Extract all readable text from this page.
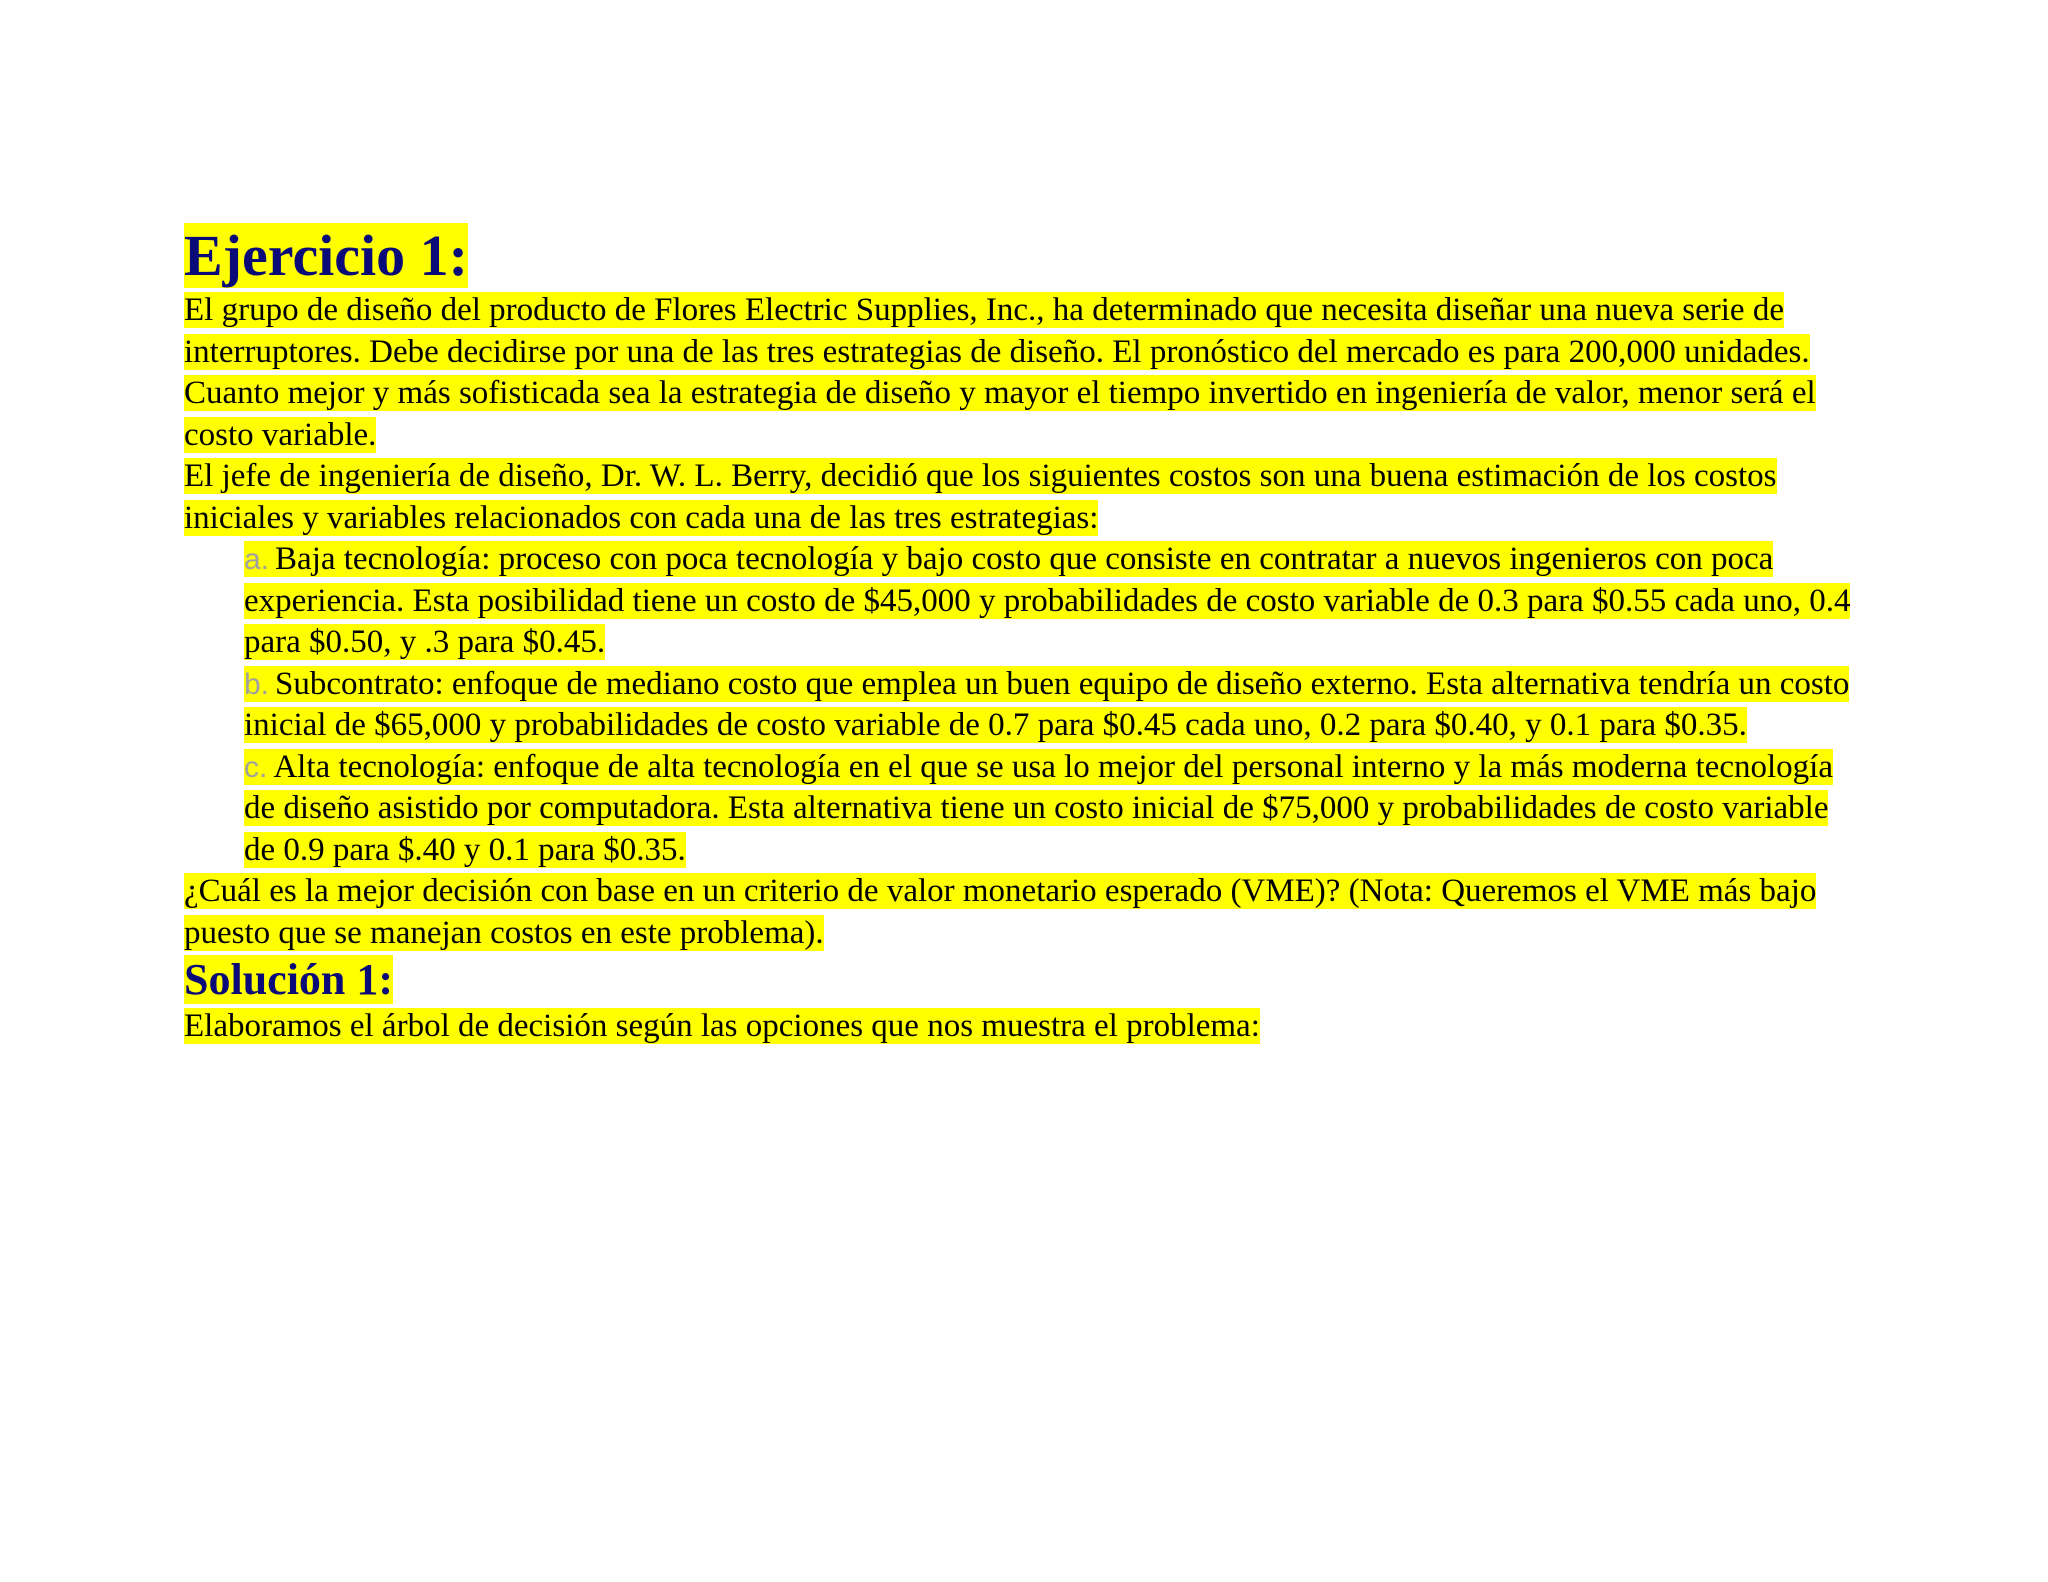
Ejercicio 1:

El grupo de diseño del producto de Flores Electric Supplies, Inc., ha determinado que necesita diseñar una nueva serie de interruptores. Debe decidirse por una de las tres estrategias de diseño. El pronóstico del mercado es para 200,000 unidades. Cuanto mejor y más sofisticada sea la estrategia de diseño y mayor el tiempo invertido en ingeniería de valor, menor será el costo variable.

El jefe de ingeniería de diseño, Dr. W. L. Berry, decidió que los siguientes costos son una buena estimación de los costos iniciales y variables relacionados con cada una de las tres estrategias:

a. Baja tecnología: proceso con poca tecnología y bajo costo que consiste en contratar a nuevos ingenieros con poca experiencia. Esta posibilidad tiene un costo de $45,000 y probabilidades de costo variable de 0.3 para $0.55 cada uno, 0.4 para $0.50, y .3 para $0.45.
b. Subcontrato: enfoque de mediano costo que emplea un buen equipo de diseño externo. Esta alternativa tendría un costo inicial de $65,000 y probabilidades de costo variable de 0.7 para $0.45 cada uno, 0.2 para $0.40, y 0.1 para $0.35.
c. Alta tecnología: enfoque de alta tecnología en el que se usa lo mejor del personal interno y la más moderna tecnología de diseño asistido por computadora. Esta alternativa tiene un costo inicial de $75,000 y probabilidades de costo variable de 0.9 para $.40 y 0.1 para $0.35.

¿Cuál es la mejor decisión con base en un criterio de valor monetario esperado (VME)? (Nota: Queremos el VME más bajo puesto que se manejan costos en este problema).

Solución 1:

Elaboramos el árbol de decisión según las opciones que nos muestra el problema:
